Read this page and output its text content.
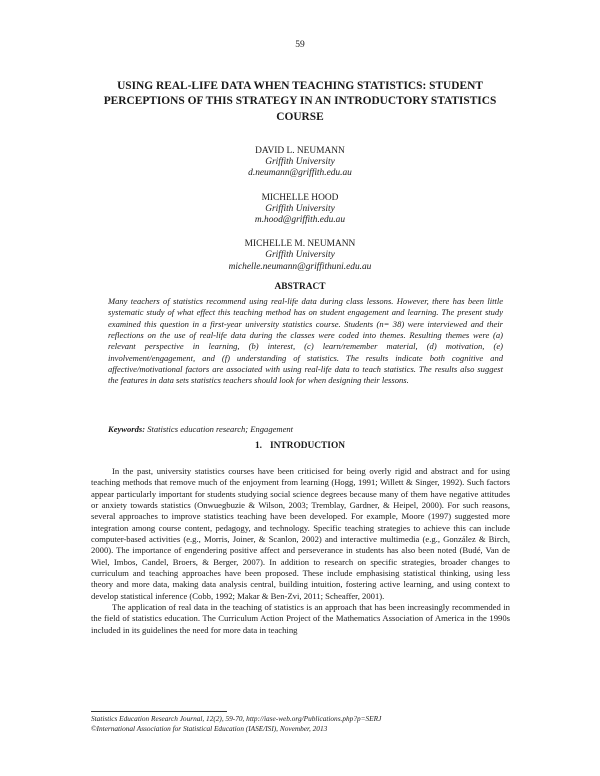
59
USING REAL-LIFE DATA WHEN TEACHING STATISTICS: STUDENT PERCEPTIONS OF THIS STRATEGY IN AN INTRODUCTORY STATISTICS COURSE
DAVID L. NEUMANN
Griffith University
d.neumann@griffith.edu.au
MICHELLE HOOD
Griffith University
m.hood@griffith.edu.au
MICHELLE M. NEUMANN
Griffith University
michelle.neumann@griffithuni.edu.au
ABSTRACT

Many teachers of statistics recommend using real-life data during class lessons. However, there has been little systematic study of what effect this teaching method has on student engagement and learning. The present study examined this question in a first-year university statistics course. Students (n= 38) were interviewed and their reflections on the use of real-life data during the classes were coded into themes. Resulting themes were (a) relevant perspective in learning, (b) interest, (c) learn/remember material, (d) motivation, (e) involvement/engagement, and (f) understanding of statistics. The results indicate both cognitive and affective/motivational factors are associated with using real-life data to teach statistics. The results also suggest the features in data sets statistics teachers should look for when designing their lessons.

Keywords: Statistics education research; Engagement
1. INTRODUCTION

In the past, university statistics courses have been criticised for being overly rigid and abstract and for using teaching methods that remove much of the enjoyment from learning (Hogg, 1991; Willett & Singer, 1992). Such factors appear particularly important for students studying social science degrees because many of them have negative attitudes or anxiety towards statistics (Onwuegbuzie & Wilson, 2003; Tremblay, Gardner, & Heipel, 2000). For such reasons, several approaches to improve statistics teaching have been developed. For example, Moore (1997) suggested more integration among course content, pedagogy, and technology. Specific teaching strategies to achieve this can include computer-based activities (e.g., Morris, Joiner, & Scanlon, 2002) and interactive multimedia (e.g., González & Birch, 2000). The importance of engendering positive affect and perseverance in students has also been noted (Budé, Van de Wiel, Imbos, Candel, Broers, & Berger, 2007). In addition to research on specific strategies, broader changes to curriculum and teaching approaches have been proposed. These include emphasising statistical thinking, using less theory and more data, making data analysis central, building intuition, fostering active learning, and using context to develop statistical inference (Cobb, 1992; Makar & Ben-Zvi, 2011; Scheaffer, 2001).

The application of real data in the teaching of statistics is an approach that has been increasingly recommended in the field of statistics education. The Curriculum Action Project of the Mathematics Association of America in the 1990s included in its guidelines the need for more data in teaching

Statistics Education Research Journal, 12(2), 59-70, http://iase-web.org/Publications.php?p=SERJ
©International Association for Statistical Education (IASE/ISI), November, 2013
